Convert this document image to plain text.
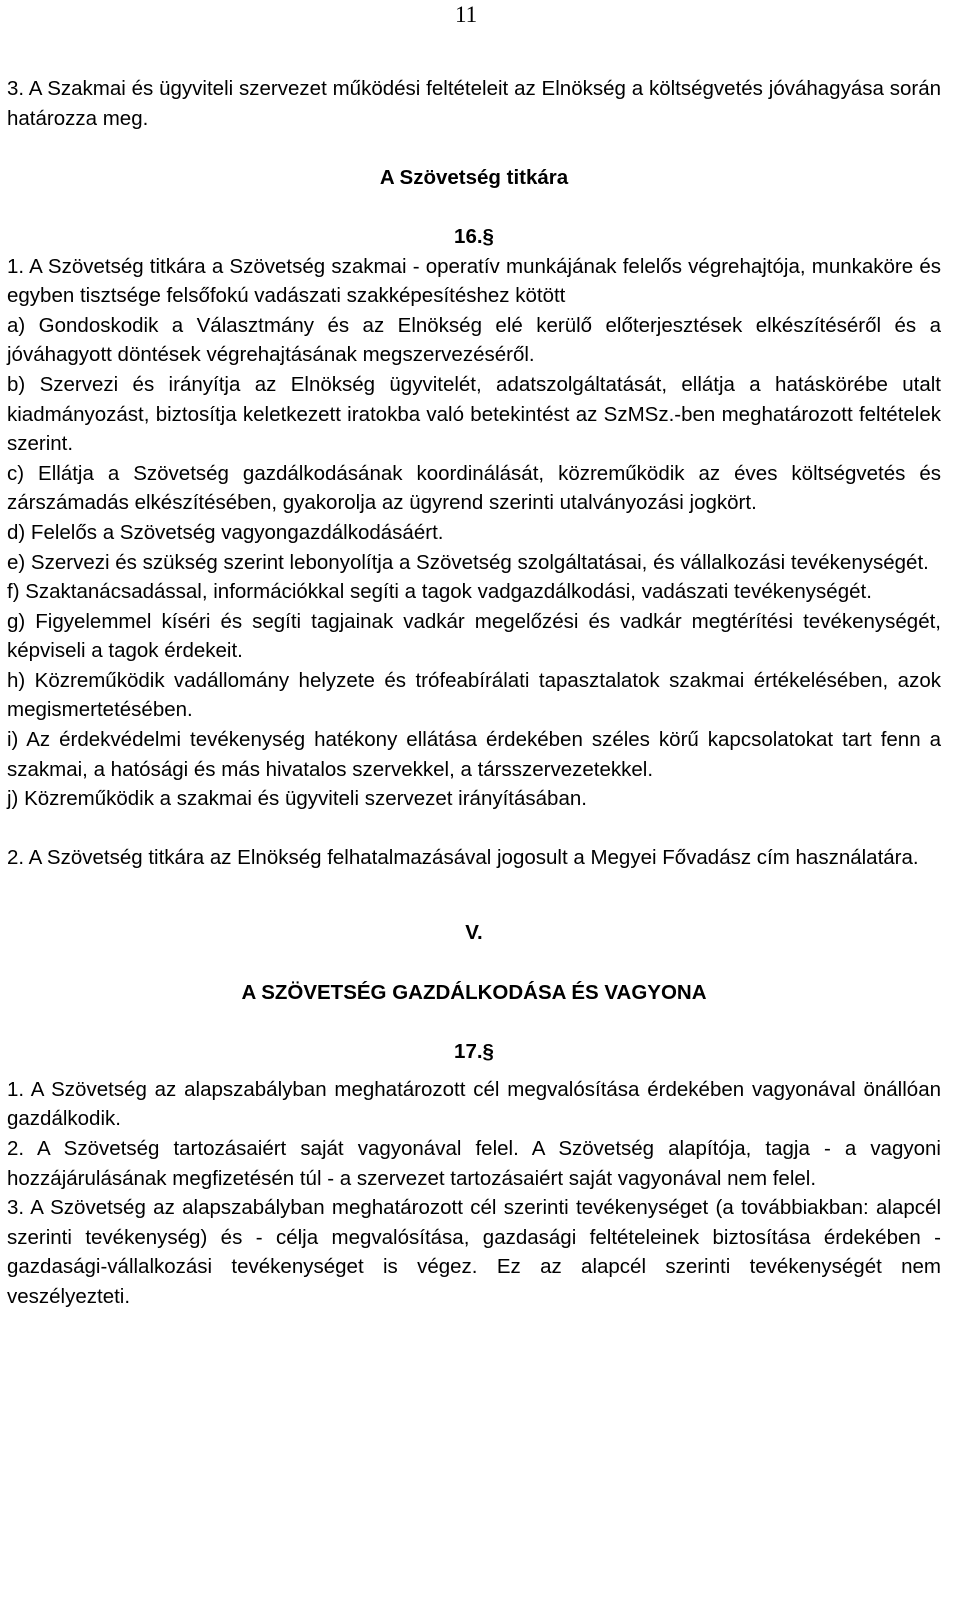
11

3. A Szakmai és ügyviteli szervezet működési feltételeit az Elnökség a költségvetés jóváhagyása során határozza meg.

A Szövetség titkára

16.§

1. A Szövetség titkára a Szövetség szakmai - operatív munkájának felelős végrehajtója, munkaköre és egyben tisztsége felsőfokú vadászati szakképesítéshez kötött

a) Gondoskodik a Választmány és az Elnökség elé kerülő előterjesztések elkészítéséről és a jóváhagyott döntések végrehajtásának megszervezéséről.

b) Szervezi és irányítja az Elnökség ügyvitelét, adatszolgáltatását, ellátja a hatáskörébe utalt kiadmányozást, biztosítja keletkezett iratokba való betekintést az SzMSz.-ben meghatározott feltételek szerint.

c) Ellátja a Szövetség gazdálkodásának koordinálását, közreműködik az éves költségvetés és zárszámadás elkészítésében, gyakorolja az ügyrend szerinti utalványozási jogkört.

d) Felelős a Szövetség vagyongazdálkodásáért.

e) Szervezi és szükség szerint lebonyolítja a Szövetség szolgáltatásai, és vállalkozási tevékenységét.

f) Szaktanácsadással, információkkal segíti a tagok vadgazdálkodási, vadászati tevékenységét.

g) Figyelemmel kíséri és segíti tagjainak vadkár megelőzési és vadkár megtérítési tevékenységét, képviseli a tagok érdekeit.

h) Közreműködik vadállomány helyzete és trófeabírálati tapasztalatok szakmai értékelésében, azok megismertetésében.

i) Az érdekvédelmi tevékenység hatékony ellátása érdekében széles körű kapcsolatokat tart fenn a szakmai, a hatósági és más hivatalos szervekkel, a társszervezetekkel.

j) Közreműködik a szakmai és ügyviteli szervezet irányításában.

2. A Szövetség titkára az Elnökség felhatalmazásával jogosult a Megyei Fővadász cím használatára.

V.

A SZÖVETSÉG GAZDÁLKODÁSA ÉS VAGYONA

17.§

1. A Szövetség az alapszabályban meghatározott cél megvalósítása érdekében vagyonával önállóan gazdálkodik.

2. A Szövetség tartozásaiért saját vagyonával felel. A Szövetség alapítója, tagja - a vagyoni hozzájárulásának megfizetésén túl - a szervezet tartozásaiért saját vagyonával nem felel.

3. A Szövetség az alapszabályban meghatározott cél szerinti tevékenységet (a továbbiakban: alapcél szerinti tevékenység) és - célja megvalósítása, gazdasági feltételeinek biztosítása érdekében - gazdasági-vállalkozási tevékenységet is végez. Ez az alapcél szerinti tevékenységét nem veszélyezteti.
